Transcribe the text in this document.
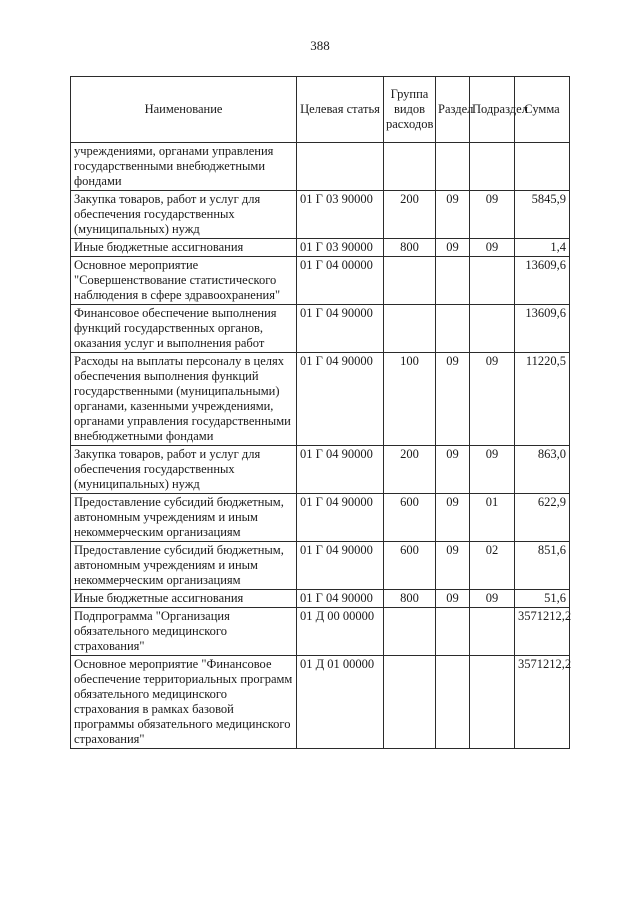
388
Наименование	Целевая статья	Группа видов расходов	Раздел	Подраздел	Сумма
учреждениями, органами управления государственными внебюджетными фондами					
Закупка товаров, работ и услуг для обеспечения государственных (муниципальных) нужд	01 Г 03 90000	200	09	09	5845,9
Иные бюджетные ассигнования	01 Г 03 90000	800	09	09	1,4
Основное мероприятие "Совершенствование статистического наблюдения в сфере здравоохранения"	01 Г 04 00000				13609,6
Финансовое обеспечение выполнения функций государственных органов, оказания услуг и выполнения работ	01 Г 04 90000				13609,6
Расходы на выплаты персоналу в целях обеспечения выполнения функций государственными (муниципальными) органами, казенными учреждениями, органами управления государственными внебюджетными фондами	01 Г 04 90000	100	09	09	11220,5
Закупка товаров, работ и услуг для обеспечения государственных (муниципальных) нужд	01 Г 04 90000	200	09	09	863,0
Предоставление субсидий бюджетным, автономным учреждениям и иным некоммерческим организациям	01 Г 04 90000	600	09	01	622,9
Предоставление субсидий бюджетным, автономным учреждениям и иным некоммерческим организациям	01 Г 04 90000	600	09	02	851,6
Иные бюджетные ассигнования	01 Г 04 90000	800	09	09	51,6
Подпрограмма "Организация обязательного медицинского страхования"	01 Д 00 00000				3571212,2
Основное мероприятие "Финансовое обеспечение территориальных программ обязательного медицинского страхования в рамках базовой программы обязательного медицинского страхования"	01 Д 01 00000				3571212,2
